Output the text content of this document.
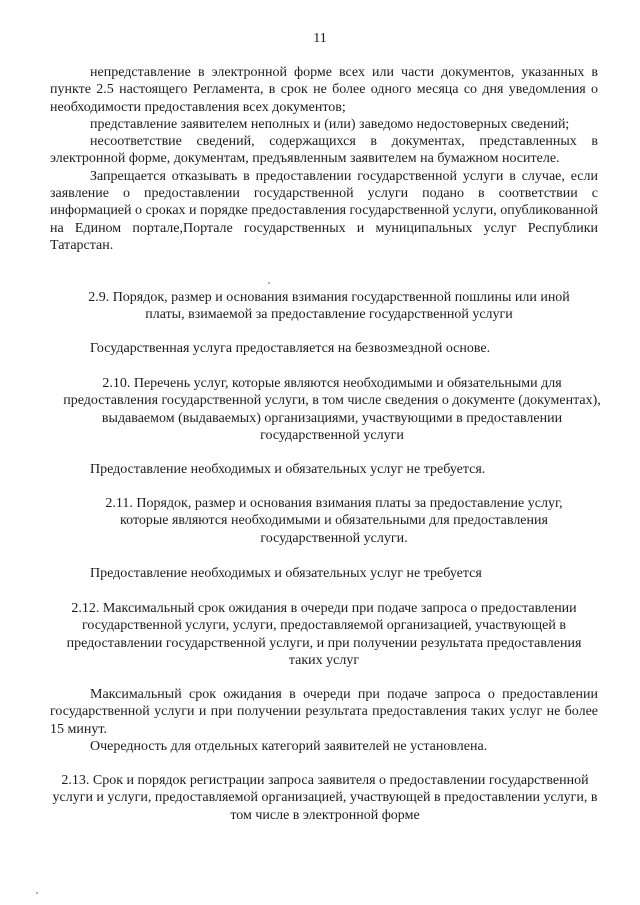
11

непредставление в электронной форме всех или части документов, указанных в пункте 2.5 настоящего Регламента, в срок не более одного месяца со дня уведомления о необходимости предоставления всех документов;

представление заявителем неполных и (или) заведомо недостоверных сведений;

несоответствие сведений, содержащихся в документах, представленных в электронной форме, документам, предъявленным заявителем на бумажном носителе.

Запрещается отказывать в предоставлении государственной услуги в случае, если заявление о предоставлении государственной услуги подано в соответствии с информацией о сроках и порядке предоставления государственной услуги, опубликованной на Едином портале,Портале государственных и муниципальных услуг Республики Татарстан.

2.9. Порядок, размер и основания взимания государственной пошлины или иной платы, взимаемой за предоставление государственной услуги
Государственная услуга предоставляется на безвозмездной основе.
2.10. Перечень услуг, которые являются необходимыми и обязательными для предоставления государственной услуги, в том числе сведения о документе (документах), выдаваемом (выдаваемых) организациями, участвующими в предоставлении государственной услуги
Предоставление необходимых и обязательных услуг не требуется.
2.11. Порядок, размер и основания взимания платы за предоставление услуг, которые являются необходимыми и обязательными для предоставления государственной услуги.
Предоставление необходимых и обязательных услуг не требуется
2.12. Максимальный срок ожидания в очереди при подаче запроса о предоставлении государственной услуги, услуги, предоставляемой организацией, участвующей в предоставлении государственной услуги, и при получении результата предоставления таких услуг

Максимальный срок ожидания в очереди при подаче запроса о предоставлении государственной услуги и при получении результата предоставления таких услуг не более 15 минут.

Очередность для отдельных категорий заявителей не установлена.

2.13. Срок и порядок регистрации запроса заявителя о предоставлении государственной услуги и услуги, предоставляемой организацией, участвующей в предоставлении услуги, в том числе в электронной форме
